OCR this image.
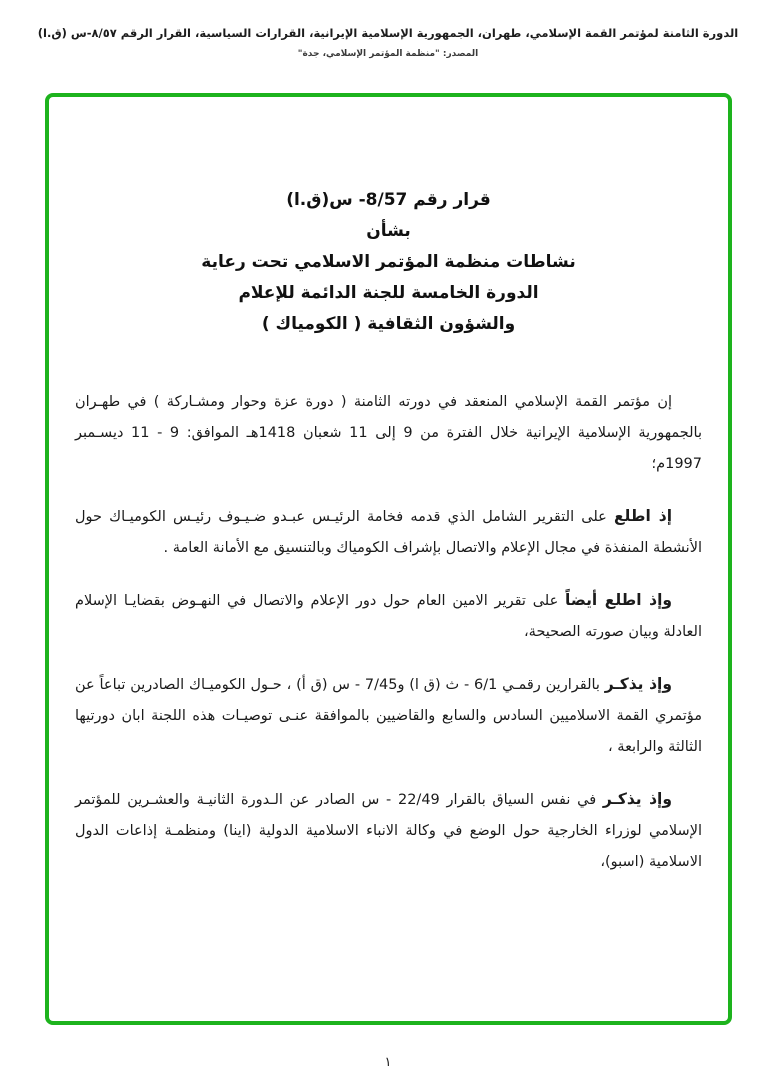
الدورة الثامنة لمؤتمر القمة الإسلامي، طهران، الجمهورية الإسلامية الإيرانية، القرارات السياسية، القرار الرقم ٨/٥٧-س (ق.ا)
المصدر: "منظمة المؤتمر الإسلامي، جدة"
قرار رقم 8/57- س(ق.ا)
بشأن
نشاطات منظمة المؤتمر الاسلامي تحت رعاية
الدورة الخامسة للجنة الدائمة للإعلام
والشؤون الثقافية ( الكومياك )

إن مؤتمر القمة الإسلامي المنعقد في دورته الثامنة ( دورة عزة وحوار ومشـاركة ) في طهـران بالجمهورية الإسلامية الإيرانية خلال الفترة من 9 إلى 11 شعبان 1418هـ الموافق: 9 - 11 ديسـمبر 1997م؛

إذ اطلع على التقرير الشامل الذي قدمه فخامة الرئيـس عبـدو ضـيـوف رئيـس الكوميـاك حول الأنشطة المنفذة في مجال الإعلام والاتصال بإشراف الكومياك وبالتنسيق مع الأمانة العامة .

وإذ اطلع أيضاً على تقرير الامين العام حول دور الإعلام والاتصال في النهـوض بقضايـا الإسلام العادلة وبيان صورته الصحيحة،

وإذ يذكـر بالقرارين رقمـي 6/1 - ث (ق ا) و7/45 - س (ق أ) ، حـول الكوميـاك الصادرين تباعاً عن مؤتمري القمة الاسلاميين السادس والسابع والقاضيين بالموافقة عنـى توصيـات هذه اللجنة ابان دورتيها الثالثة والرابعة ،

وإذ يذكـر في نفس السياق بالقرار 22/49 - س الصادر عن الـدورة الثانيـة والعشـرين للمؤتمر الإسلامي لوزراء الخارجية حول الوضع في وكالة الانباء الاسلامية الدولية (اينا) ومنظمـة إذاعات الدول الاسلامية (اسبو)،

١
